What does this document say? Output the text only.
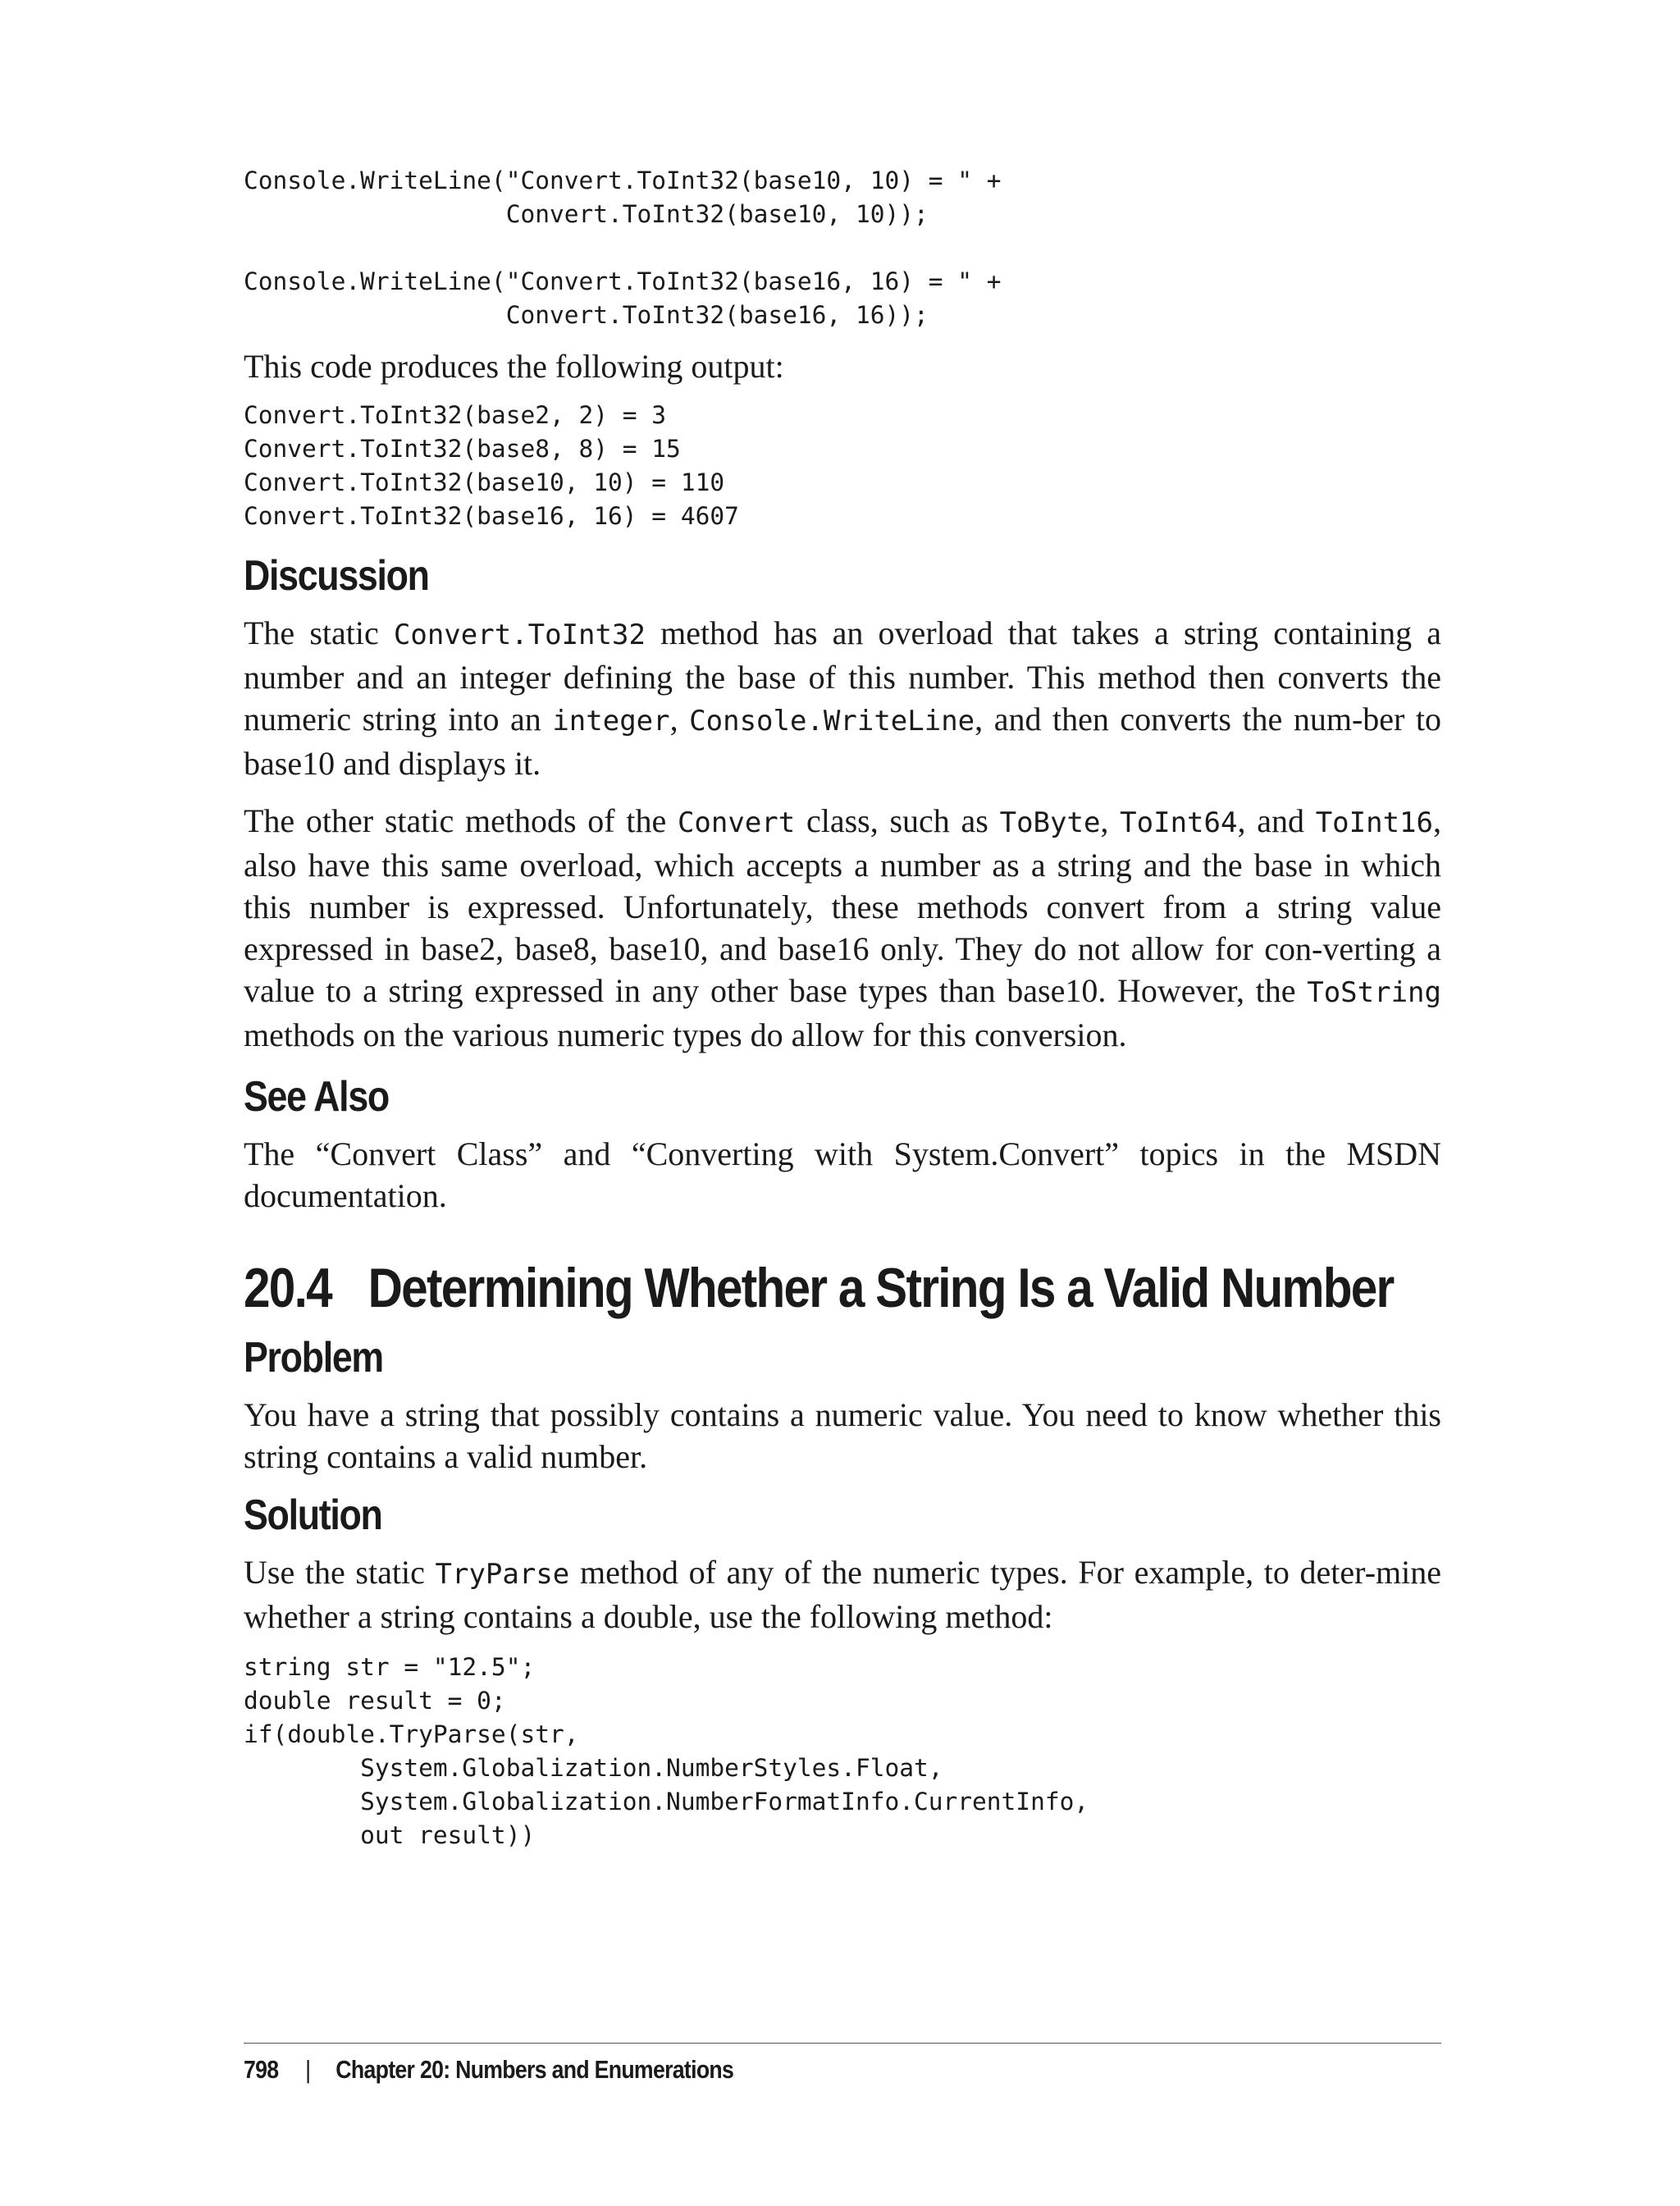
Console.WriteLine("Convert.ToInt32(base10, 10) = " +
Convert.ToInt32(base10, 10));

Console.WriteLine("Convert.ToInt32(base16, 16) = " +
Convert.ToInt32(base16, 16));

This code produces the following output:

Convert.ToInt32(base2, 2) = 3
Convert.ToInt32(base8, 8) = 15
Convert.ToInt32(base10, 10) = 110
Convert.ToInt32(base16, 16) = 4607
Discussion

The static Convert.ToInt32 method has an overload that takes a string containing a number and an integer defining the base of this number. This method then converts the numeric string into an integer, Console.WriteLine, and then converts the num-ber to base10 and displays it.

The other static methods of the Convert class, such as ToByte, ToInt64, and ToInt16, also have this same overload, which accepts a number as a string and the base in which this number is expressed. Unfortunately, these methods convert from a string value expressed in base2, base8, base10, and base16 only. They do not allow for con-verting a value to a string expressed in any other base types than base10. However, the ToString methods on the various numeric types do allow for this conversion.

See Also

The “Convert Class” and “Converting with System.Convert” topics in the MSDN documentation.

20.4 Determining Whether a String Is a Valid Number
Problem

You have a string that possibly contains a numeric value. You need to know whether this string contains a valid number.

Solution

Use the static TryParse method of any of the numeric types. For example, to deter-mine whether a string contains a double, use the following method:

string str = "12.5";
double result = 0;
if(double.TryParse(str,
System.Globalization.NumberStyles.Float,
System.Globalization.NumberFormatInfo.CurrentInfo,
out result))
798 | Chapter 20: Numbers and Enumerations
